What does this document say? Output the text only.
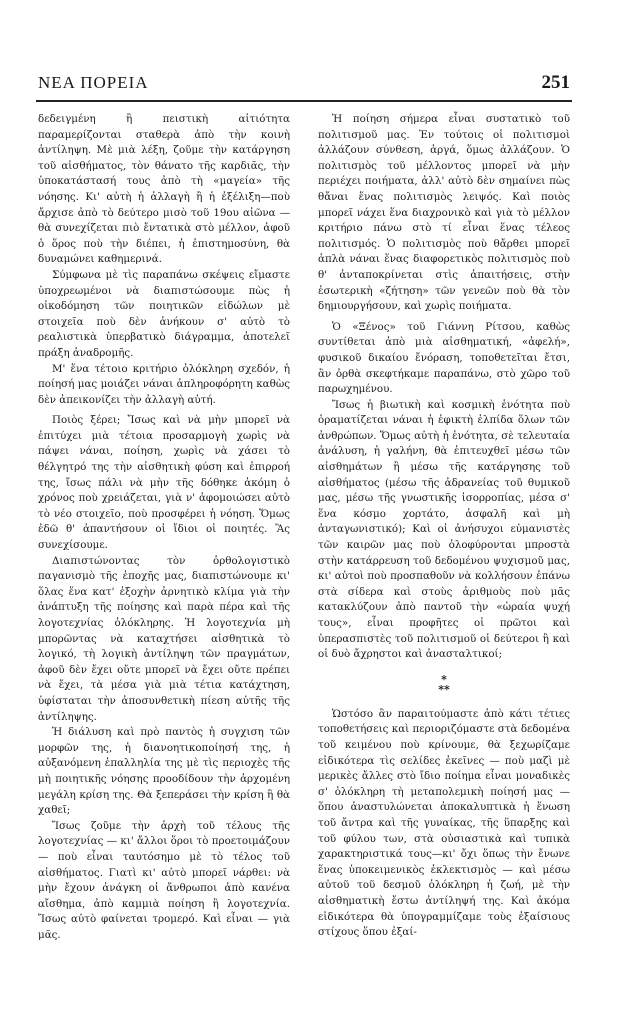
ΝΕΑ ΠΟΡΕΙΑ	251

δεδειγμένη ἢ πειστικὴ αἰτιότητα παραμερίζονται σταθερὰ ἀπὸ τὴν κοινὴ ἀντίληψη. Μὲ μιὰ λέξη, ζοῦμε τὴν κατάργηση τοῦ αἰσθήματος, τὸν θάνατο τῆς καρδιᾶς, τὴν ὑποκατάστασή τους ἀπὸ τὴ «μαγεία» τῆς νόησης. Κι' αὐτὴ ἡ ἀλλαγὴ ἢ ἡ ἐξέλιξη—ποὺ ἄρχισε ἀπὸ τὸ δεύτερο μισὸ τοῦ 19ου αἰῶνα — θὰ συνεχίζεται πιὸ ἔντατικὰ στὸ μέλλον, ἀφοῦ ὁ ὅρος ποὺ τὴν διέπει, ἡ ἐπιστημοσύνη, θὰ δυναμώνει καθημερινά.

Σύμφωνα μὲ τὶς παραπάνω σκέψεις εἴμαστε ὑποχρεωμένοι νὰ διαπιστώσουμε πὼς ἡ οἰκοδόμηση τῶν ποιητικῶν εἰδώλων μὲ στοιχεῖα ποὺ δὲν ἀνήκουν σ' αὐτὸ τὸ ρεαλιστικὰ ὑπερβατικὸ διάγραμμα, ἀποτελεῖ πράξη ἀναδρομῆς.

Μ' ἕνα τέτοιο κριτήριο ὁλόκληρη σχεδόν, ἡ ποίησή μας μοιάζει νάναι ἀπληροφόρητη καθὼς δὲν ἀπεικονίζει τὴν ἀλλαγὴ αὐτή.

Ποιὸς ξέρει; Ἴσως καὶ νὰ μὴν μπορεῖ νὰ ἐπιτύχει μιὰ τέτοια προσαρμογὴ χωρὶς νὰ πάψει νάναι, ποίηση, χωρὶς νὰ χάσει τὸ θέλγητρό της τὴν αἰσθητικὴ φύση καὶ ἐπιρροή της, ἴσως πάλι νὰ μὴν τῆς δόθηκε ἀκόμη ὁ χρόνος ποὺ χρειάζεται, γιὰ ν' ἀφομοιώσει αὐτὸ τὸ νέο στοιχεῖο, ποὺ προσφέρει ἡ νόηση. Ὅμως ἐδῶ θ' ἀπαντήσουν οἱ ἴδιοι οἱ ποιητές. Ἂς συνεχίσουμε.

Διαπιστώνοντας τὸν ὀρθολογιστικὸ παγανισμὸ τῆς ἐποχῆς μας, διαπιστώνουμε κι' ὅλας ἕνα κατ' ἐξοχὴν ἀρνητικὸ κλίμα γιὰ τὴν ἀνάπτυξη τῆς ποίησης καὶ παρὰ πέρα καὶ τῆς λογοτεχνίας ὁλόκληρης. Ἡ λογοτεχνία μὴ μπορῶντας νὰ καταχτήσει αἰσθητικὰ τὸ λογικό, τὴ λογικὴ ἀντίληψη τῶν πραγμάτων, ἀφοῦ δὲν ἔχει οὔτε μπορεῖ νὰ ἔχει οὔτε πρέπει νὰ ἔχει, τὰ μέσα γιὰ μιὰ τέτια κατάχτηση, ὑφίσταται τὴν ἀποσυνθετικὴ πίεση αὐτῆς τῆς ἀντίληψης.

Ἡ διάλυση καὶ πρὸ παντὸς ἡ συγχιση τῶν μορφῶν της, ἡ διανοητικοποίησή της, ἡ αὐξανόμενη ἐπαλληλία της μὲ τὶς περιοχὲς τῆς μὴ ποιητικῆς νόησης προοδίδουν τὴν ἀρχομένη μεγάλη κρίση της. Θὰ ξεπεράσει τὴν κρίση ἢ θὰ χαθεῖ;

Ἴσως ζοῦμε τὴν ἀρχὴ τοῦ τέλους τῆς λογοτεχνίας — κι' ἄλλοι ὅροι τὸ προετοιμάζουν — ποὺ εἶναι ταυτόσημο μὲ τὸ τέλος τοῦ αἰσθήματος. Γιατὶ κι' αὐτὸ μπορεῖ νάρθει: νὰ μὴν ἔχουν ἀνάγκη οἱ ἄνθρωποι ἀπὸ κανένα αἴσθημα, ἀπὸ καμμιὰ ποίηση ἢ λογοτεχνία. Ἴσως αὐτὸ φαίνεται τρομερό. Καὶ εἶναι — γιὰ μᾶς.

Ἡ ποίηση σήμερα εἶναι συστατικὸ τοῦ πολιτισμοῦ μας. Ἐν τούτοις οἱ πολιτισμοὶ ἀλλάζουν σύνθεση, ἀργά, ὅμως ἀλλάζουν. Ὁ πολιτισμὸς τοῦ μέλλοντος μπορεῖ νὰ μὴν περιέχει ποιήματα, ἀλλ' αὐτὸ δὲν σημαίνει πὼς θἄναι ἕνας πολιτισμὸς λειψός. Καὶ ποιὸς μπορεῖ νάχει ἕνα διαχρονικὸ καὶ γιὰ τὸ μέλλον κριτήριο πάνω στὸ τί εἶναι ἕνας τέλεος πολιτισμός. Ὁ πολιτισμὸς ποὺ θἄρθει μπορεῖ ἁπλὰ νάναι ἕνας διαφορετικὸς πολιτισμὸς ποὺ θ' ἀνταποκρίνεται στὶς ἀπαιτήσεις, στὴν ἐσωτερικὴ «ζήτηση» τῶν γενεῶν ποὺ θὰ τὸν δημιουργήσουν, καὶ χωρὶς ποιήματα.

Ὁ «Ξένος» τοῦ Γιάννη Ρίτσου, καθὼς συντίθεται ἀπὸ μιὰ αἰσθηματική, «ἀφελή», φυσικοῦ δικαίου ἔνόραση, τοποθετεῖται ἔτσι, ἂν ὀρθὰ σκεφτήκαμε παραπάνω, στὸ χῶρο τοῦ παρωχημένου.

Ἴσως ἡ βιωτικὴ καὶ κοσμικὴ ἑνότητα ποὺ ὁραματίζεται νάναι ἡ ἐφικτὴ ἐλπίδα ὅλων τῶν ἀνθρώπων. Ὅμως αὐτὴ ἡ ἑνότητα, σὲ τελευταία ἀνάλυση, ἡ γαλήνη, θὰ ἐπιτευχθεῖ μέσω τῶν αἰσθημάτων ἢ μέσω τῆς κατάργησης τοῦ αἰσθήματος (μέσω τῆς ἀδρανείας τοῦ θυμικοῦ μας, μέσω τῆς γνωστικῆς ἰσορροπίας, μέσα σ' ἕνα κόσμο χορτάτο, ἀσφαλῆ καὶ μὴ ἀνταγωνιστικό); Καὶ οἱ ἀνήσυχοι εὐμανιστὲς τῶν καιρῶν μας ποὺ ὀλοφύρονται μπροστὰ στὴν κατάρρευση τοῦ δεδομένου ψυχισμοῦ μας, κι' αὐτοὶ ποὺ προσπαθοῦν νὰ κολλήσουν ἐπάνω στὰ σίδερα καὶ στοὺς ἀριθμοὺς ποὺ μᾶς κατακλύζουν ἀπὸ παντοῦ τὴν «ὡραία ψυχή τους», εἶναι προφῆτες οἱ πρῶτοι καὶ ὑπερασπιστὲς τοῦ πολιτισμοῦ οἱ δεύτεροι ἢ καὶ οἱ δυὸ ἄχρηστοι καὶ ἀνασταλτικοί;

*
**

Ὡστόσο ἂν παραιτούμαστε ἀπὸ κάτι τέτιες τοποθετήσεις καὶ περιοριζόμαστε στὰ δεδομένα τοῦ κειμένου ποὺ κρίνουμε, θὰ ξεχωρίζαμε εἰδικότερα τὶς σελίδες ἐκεῖνες — ποὺ μαζὶ μὲ μερικὲς ἄλλες στὸ ἴδιο ποίημα εἶναι μοναδικὲς σ' ὁλόκληρη τὴ μεταπολεμικὴ ποίησή μας — ὅπου ἀναστυλώνεται ἀποκαλυπτικὰ ἡ ἕνωση τοῦ ἄντρα καὶ τῆς γυναίκας, τῆς ὕπαρξης καὶ τοῦ φύλου των, στὰ οὐσιαστικὰ καὶ τυπικὰ χαρακτηριστικά τους—κι' ὄχι ὅπως τὴν ἔνωνε ἕνας ὑποκειμενικὸς ἐκλεκτισμὸς — καὶ μέσω αὐτοῦ τοῦ δεσμοῦ ὁλόκληρη ἡ ζωή, μὲ τὴν αἰσθηματικὴ ἔστω ἀντίληψή της. Καὶ ἀκόμα εἰδικότερα θὰ ὑπογραμμίζαμε τοὺς ἐξαίσιους στίχους ὅπου ἐξαί-
